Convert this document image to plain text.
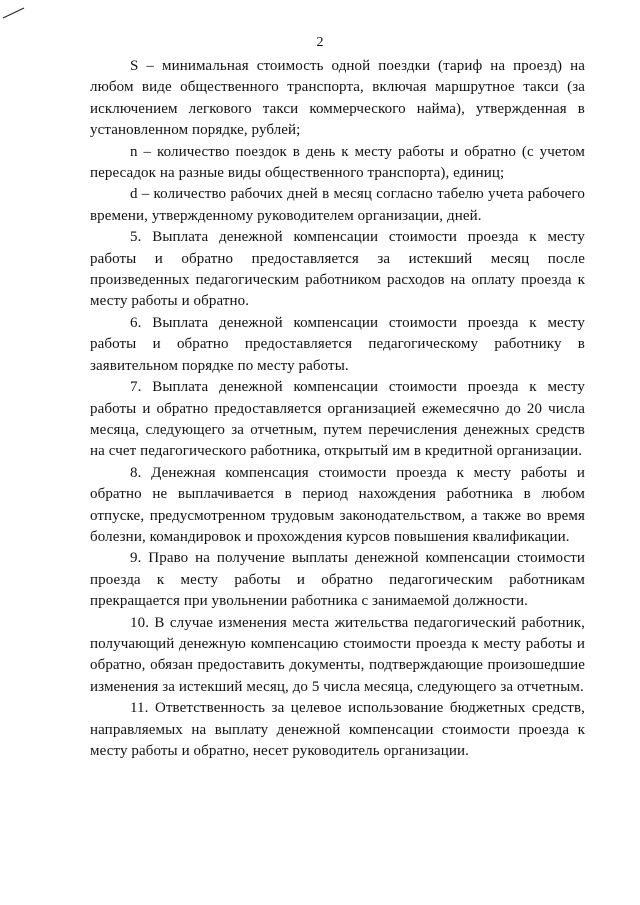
2

S – минимальная стоимость одной поездки (тариф на проезд) на любом виде общественного транспорта, включая маршрутное такси (за исключением легкового такси коммерческого найма), утвержденная в установленном порядке, рублей;

n – количество поездок в день к месту работы и обратно (с учетом пересадок на разные виды общественного транспорта), единиц;

d – количество рабочих дней в месяц согласно табелю учета рабочего времени, утвержденному руководителем организации, дней.

5. Выплата денежной компенсации стоимости проезда к месту работы и обратно предоставляется за истекший месяц после произведенных педагогическим работником расходов на оплату проезда к месту работы и обратно.

6. Выплата денежной компенсации стоимости проезда к месту работы и обратно предоставляется педагогическому работнику в заявительном порядке по месту работы.

7. Выплата денежной компенсации стоимости проезда к месту работы и обратно предоставляется организацией ежемесячно до 20 числа месяца, следующего за отчетным, путем перечисления денежных средств на счет педагогического работника, открытый им в кредитной организации.

8. Денежная компенсация стоимости проезда к месту работы и обратно не выплачивается в период нахождения работника в любом отпуске, предусмотренном трудовым законодательством, а также во время болезни, командировок и прохождения курсов повышения квалификации.

9. Право на получение выплаты денежной компенсации стоимости проезда к месту работы и обратно педагогическим работникам прекращается при увольнении работника с занимаемой должности.

10. В случае изменения места жительства педагогический работник, получающий денежную компенсацию стоимости проезда к месту работы и обратно, обязан предоставить документы, подтверждающие произошедшие изменения за истекший месяц, до 5 числа месяца, следующего за отчетным.

11. Ответственность за целевое использование бюджетных средств, направляемых на выплату денежной компенсации стоимости проезда к месту работы и обратно, несет руководитель организации.
